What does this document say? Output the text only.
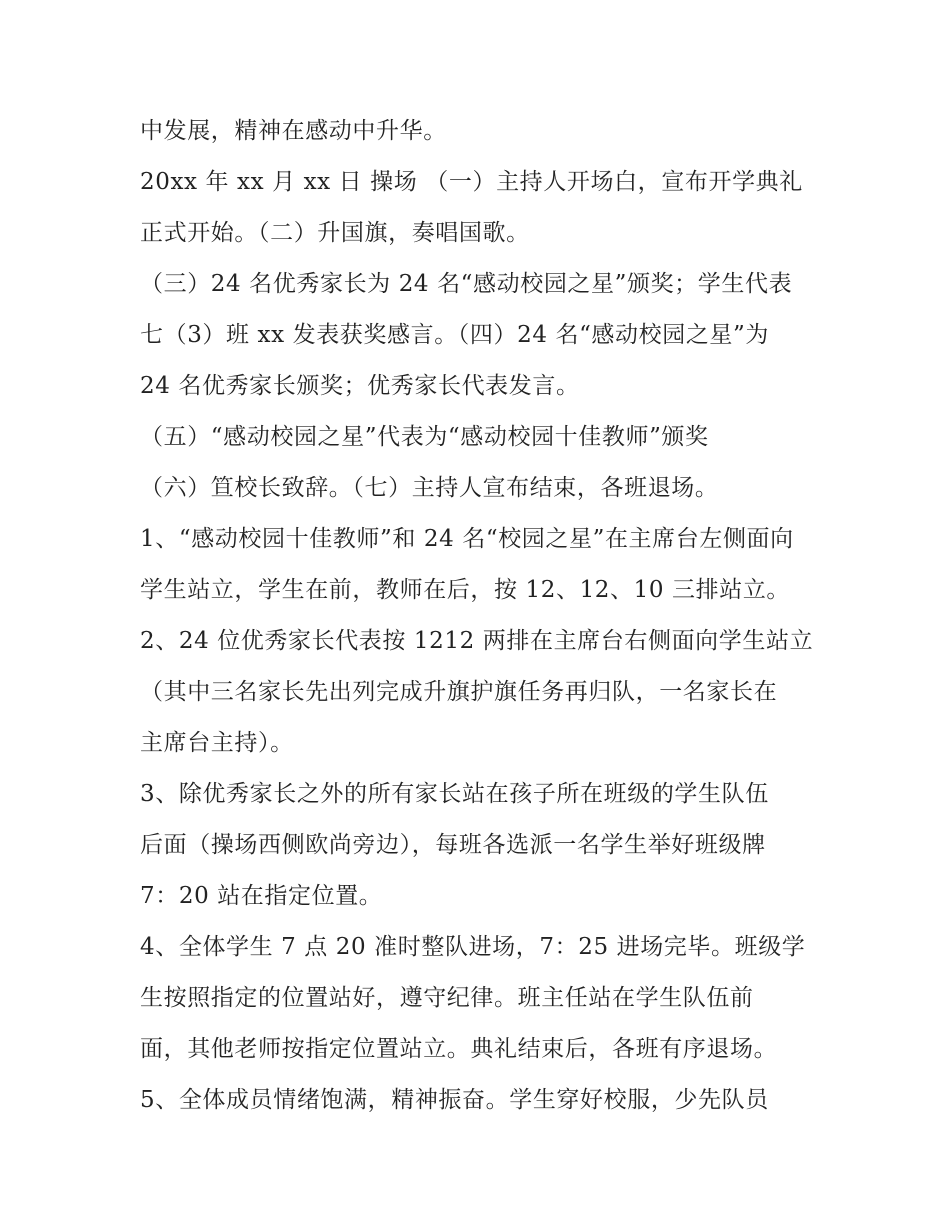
中发展，精神在感动中升华。
20xx 年 xx 月 xx 日 操场 （一）主持人开场白，宣布开学典礼
正式开始。（二）升国旗，奏唱国歌。
（三）24 名优秀家长为 24 名“感动校园之星”颁奖；学生代表
七（3）班 xx 发表获奖感言。（四）24 名“感动校园之星”为
24 名优秀家长颁奖；优秀家长代表发言。
（五）“感动校园之星”代表为“感动校园十佳教师”颁奖
（六）笪校长致辞。（七）主持人宣布结束，各班退场。
1、“感动校园十佳教师”和 24 名“校园之星”在主席台左侧面向
学生站立，学生在前，教师在后，按 12、12、10 三排站立。
2、24 位优秀家长代表按 1212 两排在主席台右侧面向学生站立
（其中三名家长先出列完成升旗护旗任务再归队，一名家长在
主席台主持）。
3、除优秀家长之外的所有家长站在孩子所在班级的学生队伍
后面（操场西侧欧尚旁边），每班各选派一名学生举好班级牌
7：20 站在指定位置。
4、全体学生 7 点 20 准时整队进场，7：25 进场完毕。班级学
生按照指定的位置站好，遵守纪律。班主任站在学生队伍前
面，其他老师按指定位置站立。典礼结束后，各班有序退场。
5、全体成员情绪饱满，精神振奋。学生穿好校服，少先队员
